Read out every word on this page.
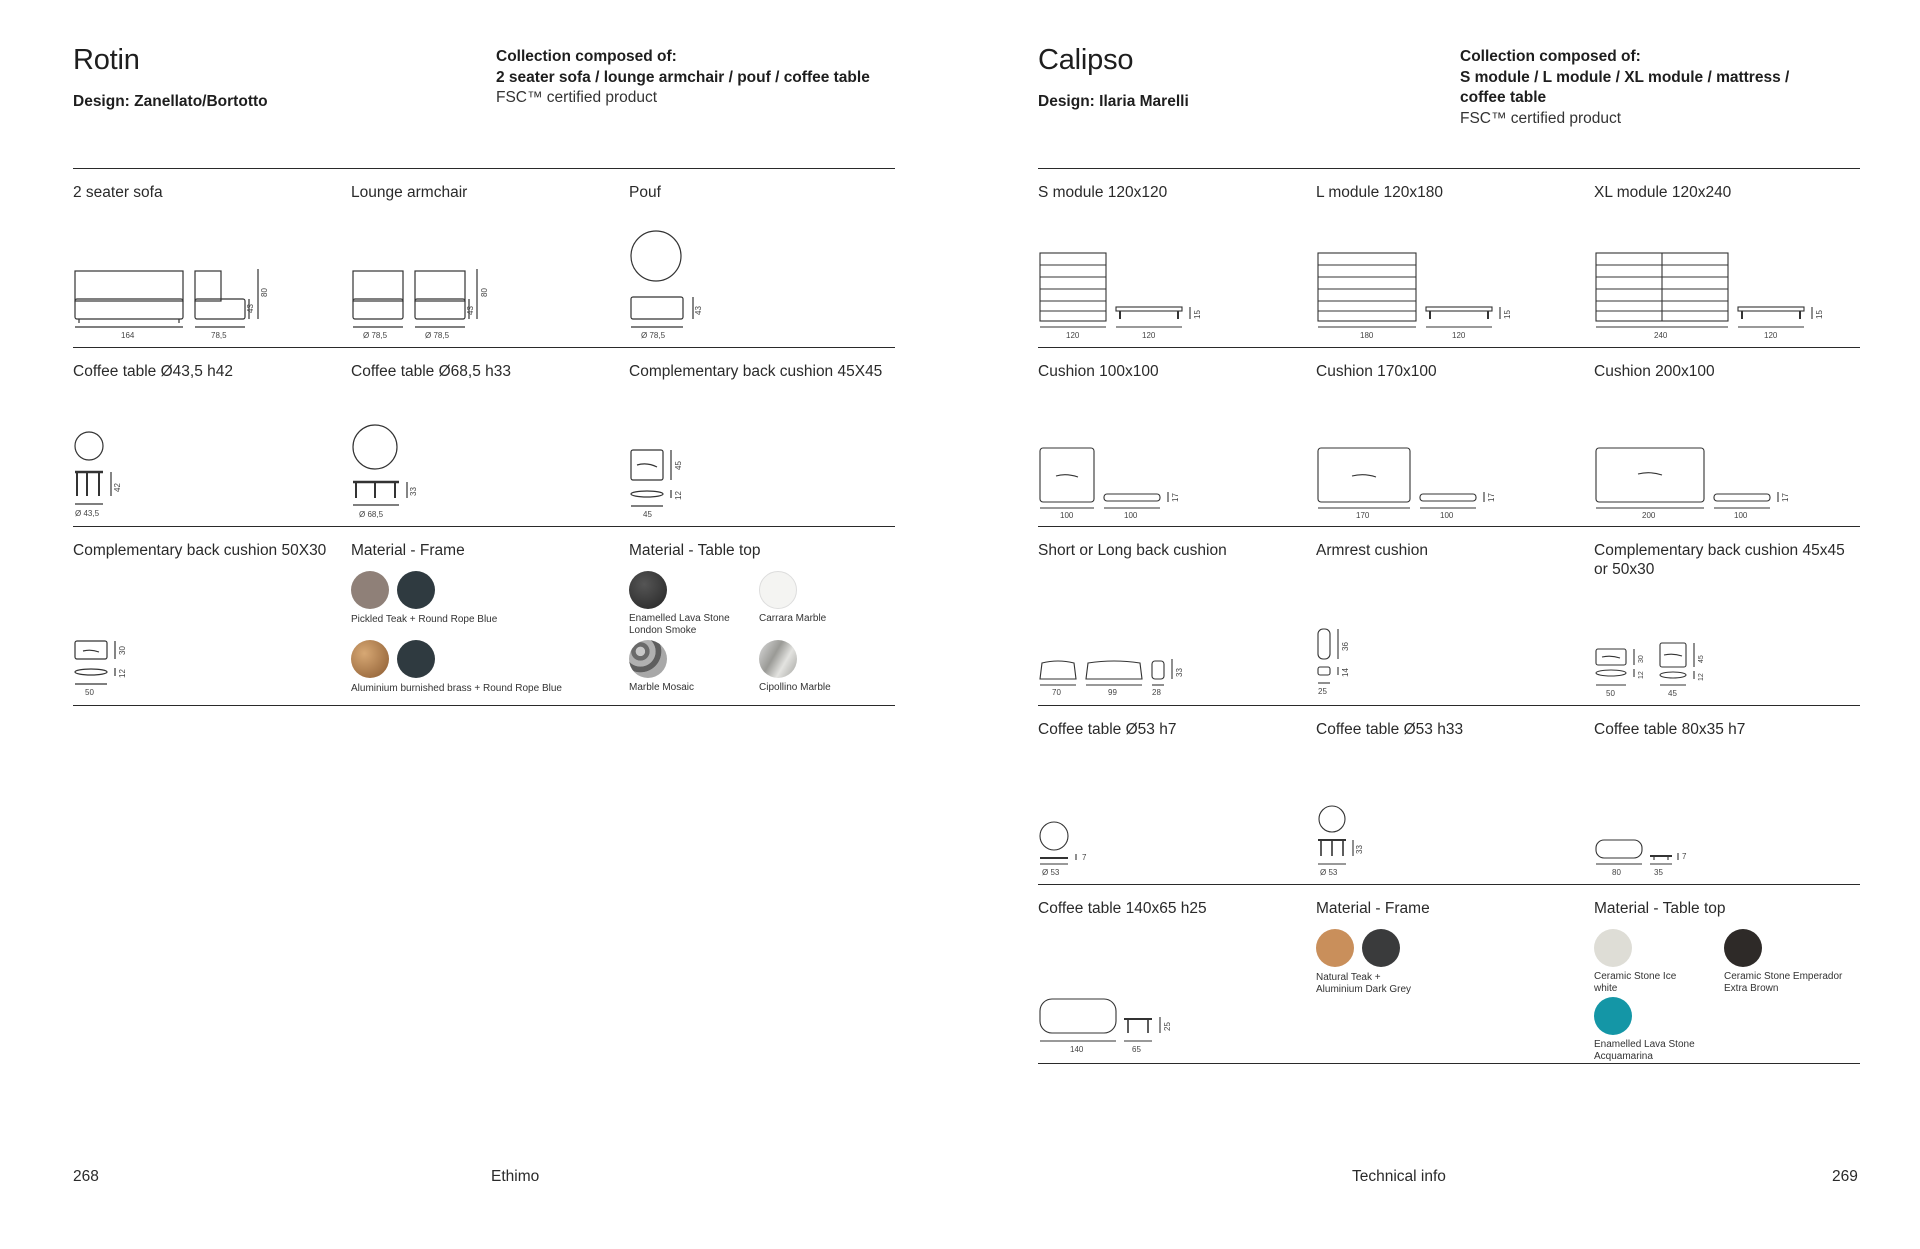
Rotin
Design: Zanellato/Bortotto
Collection composed of:
2 seater sofa / lounge armchair / pouf / coffee table
FSC™ certified product
2 seater sofa
164	78,5
43
80
Lounge armchair
Ø 78,5	Ø 78,5
43
80
Pouf
Ø 78,5
43
Coffee table Ø43,5 h42
Ø 43,5
42
Coffee table Ø68,5 h33
Ø 68,5
33
Complementary back cushion 45X45
45
45
12
Complementary back cushion 50X30
50
30
12
Material - Frame
Pickled Teak + Round Rope Blue
Aluminium burnished brass + Round Rope Blue
Material - Table top
Enamelled Lava Stone London Smoke
Carrara Marble
Marble Mosaic	Cipollino Marble
268	Ethimo
Calipso
Design: Ilaria Marelli
Collection composed of:
S module / L module / XL module / mattress / coffee table
FSC™ certified product
S module 120x120
120	120
15
L module 120x180
180	120
15
XL module 120x240
240	120
15
Cushion 100x100
100	100
17
Cushion 170x100
170	100
17
Cushion 200x100
200	100
17
Short or Long back cushion
70	99	28
33
Armrest cushion
25
36
14
Complementary back cushion 45x45 or 50x30
50	45
30	45
12	12
Coffee table Ø53 h7
Ø 53
7
Coffee table Ø53 h33
Ø 53
33
Coffee table 80x35 h7
80	35
7
Coffee table 140x65 h25
140	65
25
Material - Frame
Natural Teak + Aluminium Dark Grey
Material - Table top
Ceramic Stone Ice white
Ceramic Stone Emperador Extra Brown
Enamelled Lava Stone Acquamarina
Technical info	269
